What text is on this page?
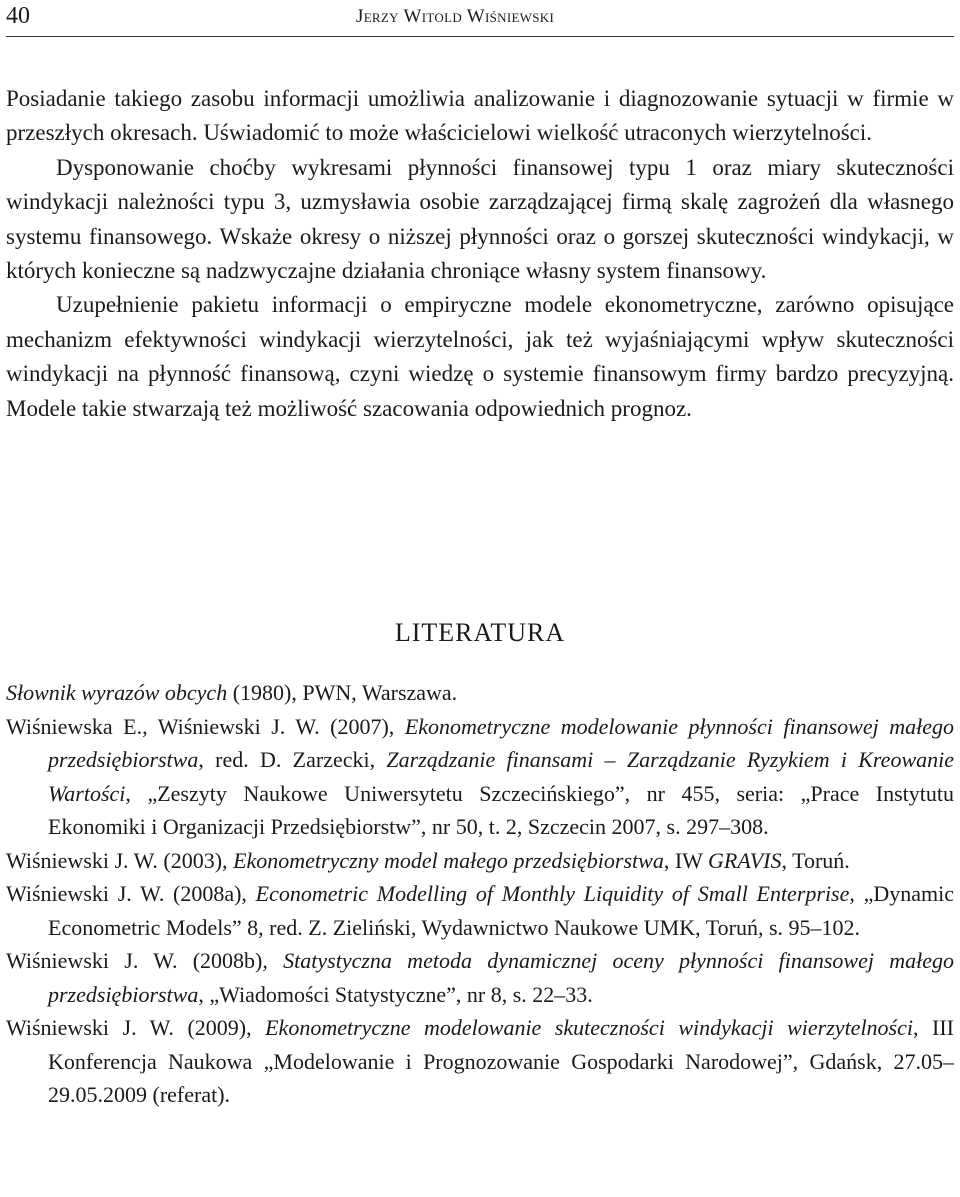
40	Jerzy Witold Wiśniewski

Posiadanie takiego zasobu informacji umożliwia analizowanie i diagnozowanie sytuacji w firmie w przeszłych okresach. Uświadomić to może właścicielowi wielkość utraconych wierzytelności.

Dysponowanie choćby wykresami płynności finansowej typu 1 oraz miary skuteczności windykacji należności typu 3, uzmysławia osobie zarządzającej firmą skalę zagrożeń dla własnego systemu finansowego. Wskaże okresy o niższej płynności oraz o gorszej skuteczności windykacji, w których konieczne są nadzwyczajne działania chroniące własny system finansowy.

Uzupełnienie pakietu informacji o empiryczne modele ekonometryczne, zarówno opisujące mechanizm efektywności windykacji wierzytelności, jak też wyjaśniającymi wpływ skuteczności windykacji na płynność finansową, czyni wiedzę o systemie finansowym firmy bardzo precyzyjną. Modele takie stwarzają też możliwość szacowania odpowiednich prognoz.

LITERATURA

Słownik wyrazów obcych (1980), PWN, Warszawa.

Wiśniewska E., Wiśniewski J. W. (2007), Ekonometryczne modelowanie płynności finansowej małego przedsiębiorstwa, red. D. Zarzecki, Zarządzanie finansami – Zarządzanie Ryzykiem i Kreowanie Wartości, „Zeszyty Naukowe Uniwersytetu Szczecińskiego”, nr 455, seria: „Prace Instytutu Ekonomiki i Organizacji Przedsiębiorstw”, nr 50, t. 2, Szczecin 2007, s. 297–308.

Wiśniewski J. W. (2003), Ekonometryczny model małego przedsiębiorstwa, IW GRAVIS, Toruń.

Wiśniewski J. W. (2008a), Econometric Modelling of Monthly Liquidity of Small Enterprise, „Dynamic Econometric Models” 8, red. Z. Zieliński, Wydawnictwo Naukowe UMK, Toruń, s. 95–102.

Wiśniewski J. W. (2008b), Statystyczna metoda dynamicznej oceny płynności finansowej małego przedsiębiorstwa, „Wiadomości Statystyczne”, nr 8, s. 22–33.

Wiśniewski J. W. (2009), Ekonometryczne modelowanie skuteczności windykacji wierzytelności, III Konferencja Naukowa „Modelowanie i Prognozowanie Gospodarki Narodowej”, Gdańsk, 27.05–29.05.2009 (referat).
